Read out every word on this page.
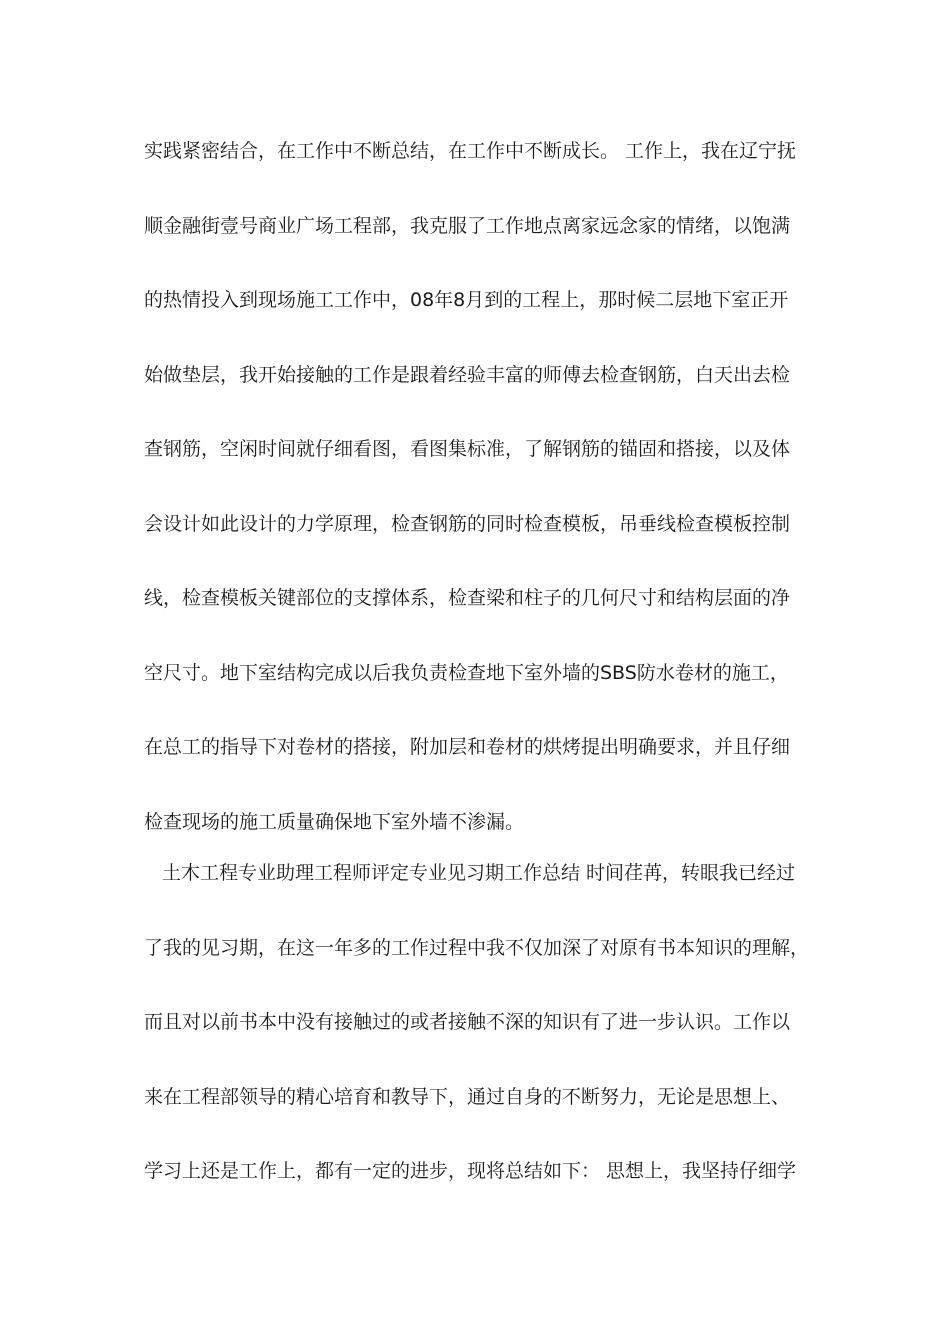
实践紧密结合，在工作中不断总结，在工作中不断成长。 工作上，我在辽宁抚
顺金融街壹号商业广场工程部，我克服了工作地点离家远念家的情绪，以饱满
的热情投入到现场施工工作中，08年8月到的工程上，那时候二层地下室正开
始做垫层，我开始接触的工作是跟着经验丰富的师傅去检查钢筋，白天出去检
查钢筋，空闲时间就仔细看图，看图集标准，了解钢筋的锚固和搭接，以及体
会设计如此设计的力学原理，检查钢筋的同时检查模板，吊垂线检查模板控制
线，检查模板关键部位的支撑体系，检查梁和柱子的几何尺寸和结构层面的净
空尺寸。地下室结构完成以后我负责检查地下室外墙的SBS防水卷材的施工，
在总工的指导下对卷材的搭接，附加层和卷材的烘烤提出明确要求，并且仔细
检查现场的施工质量确保地下室外墙不渗漏。
土木工程专业助理工程师评定专业见习期工作总结 时间荏苒，转眼我已经过
了我的见习期，在这一年多的工作过程中我不仅加深了对原有书本知识的理解，
而且对以前书本中没有接触过的或者接触不深的知识有了进一步认识。工作以
来在工程部领导的精心培育和教导下，通过自身的不断努力，无论是思想上、
学习上还是工作上，都有一定的进步，现将总结如下： 思想上，我坚持仔细学
